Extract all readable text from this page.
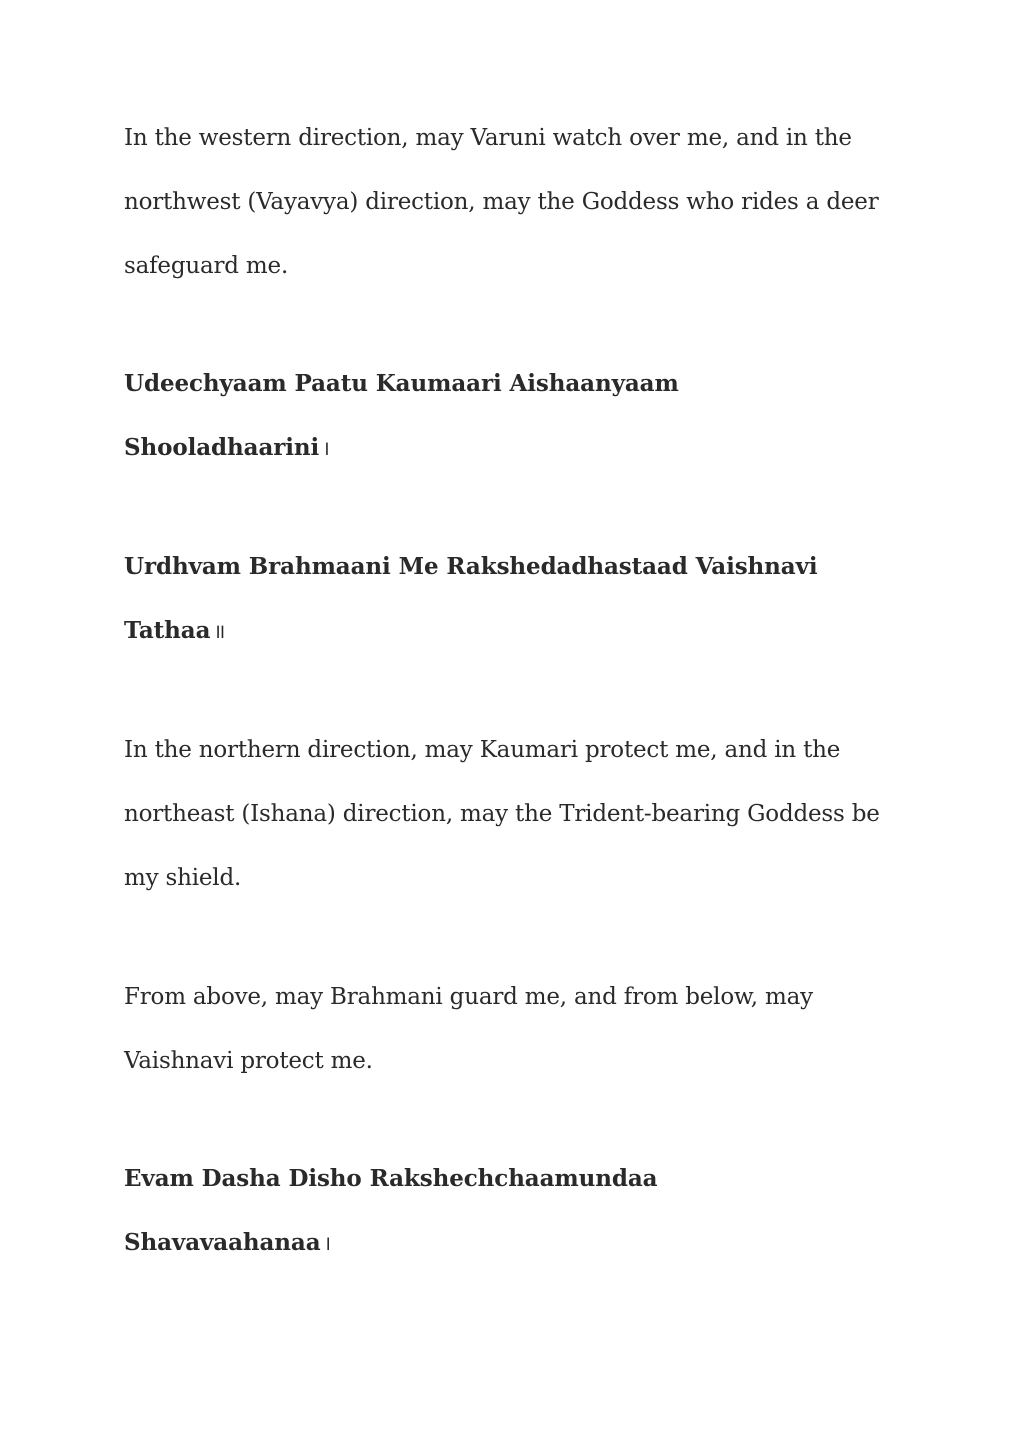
In the western direction, may Varuni watch over me, and in the
northwest (Vayavya) direction, may the Goddess who rides a deer
safeguard me.

Udeechyaam Paatu Kaumaari Aishaanyaam
Shooladhaarini ।

Urdhvam Brahmaani Me Rakshedadhastaad Vaishnavi
Tathaa ॥

In the northern direction, may Kaumari protect me, and in the
northeast (Ishana) direction, may the Trident-bearing Goddess be
my shield.

From above, may Brahmani guard me, and from below, may
Vaishnavi protect me.

Evam Dasha Disho Rakshechchaamundaa
Shavavaahanaa ।
